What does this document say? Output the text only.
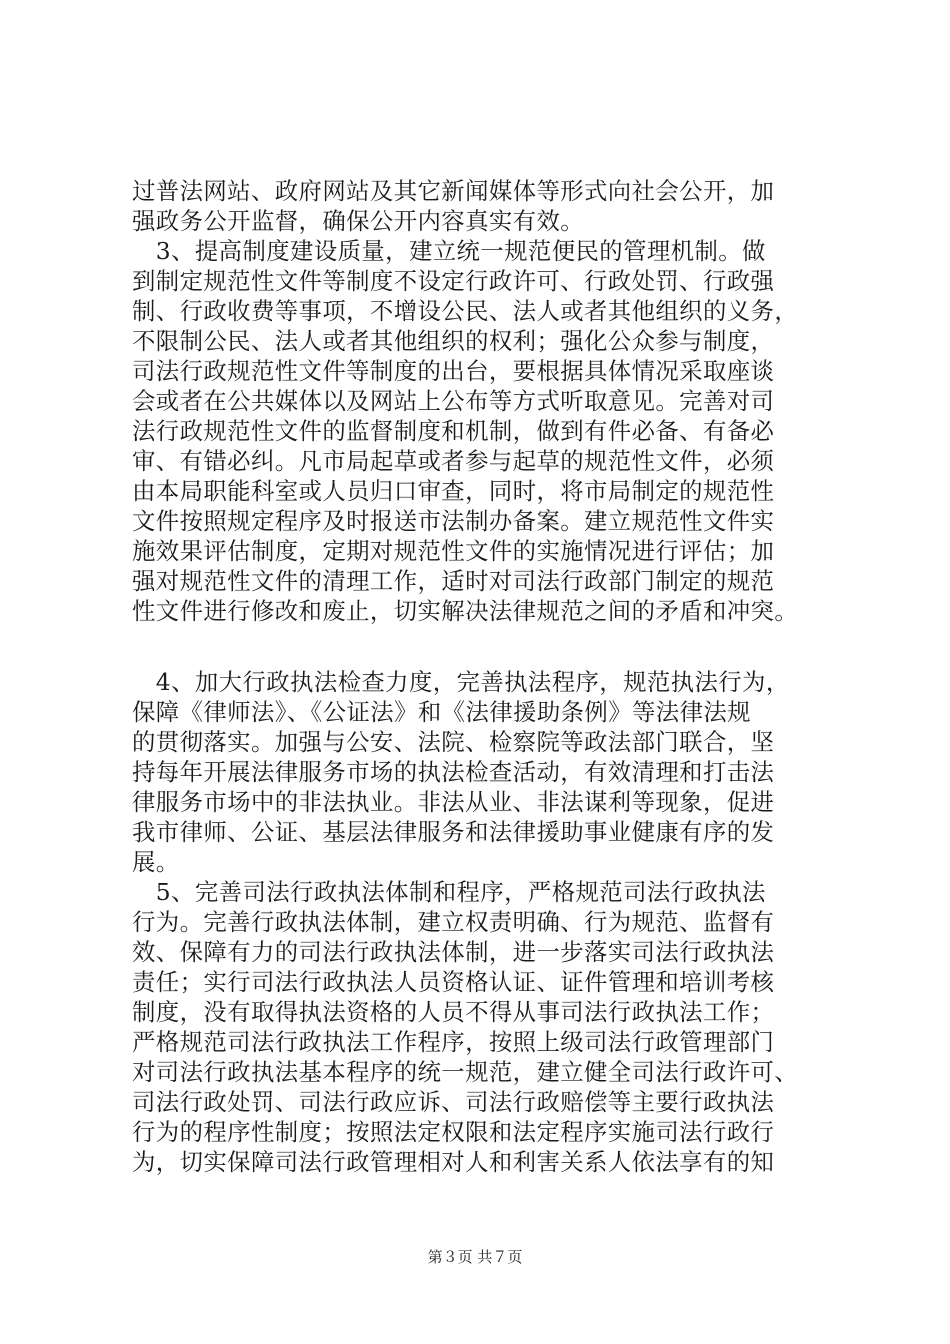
过普法网站、政府网站及其它新闻媒体等形式向社会公开，加
强政务公开监督，确保公开内容真实有效。
　3、提高制度建设质量，建立统一规范便民的管理机制。做
到制定规范性文件等制度不设定行政许可、行政处罚、行政强
制、行政收费等事项，不增设公民、法人或者其他组织的义务，
不限制公民、法人或者其他组织的权利；强化公众参与制度，
司法行政规范性文件等制度的出台，要根据具体情况采取座谈
会或者在公共媒体以及网站上公布等方式听取意见。完善对司
法行政规范性文件的监督制度和机制，做到有件必备、有备必
审、有错必纠。凡市局起草或者参与起草的规范性文件，必须
由本局职能科室或人员归口审查，同时，将市局制定的规范性
文件按照规定程序及时报送市法制办备案。建立规范性文件实
施效果评估制度，定期对规范性文件的实施情况进行评估；加
强对规范性文件的清理工作，适时对司法行政部门制定的规范
性文件进行修改和废止，切实解决法律规范之间的矛盾和冲突。
　4、加大行政执法检查力度，完善执法程序，规范执法行为，
保障《律师法》、《公证法》和《法律援助条例》等法律法规
的贯彻落实。加强与公安、法院、检察院等政法部门联合，坚
持每年开展法律服务市场的执法检查活动，有效清理和打击法
律服务市场中的非法执业。非法从业、非法谋利等现象，促进
我市律师、公证、基层法律服务和法律援助事业健康有序的发
展。
　5、完善司法行政执法体制和程序，严格规范司法行政执法
行为。完善行政执法体制，建立权责明确、行为规范、监督有
效、保障有力的司法行政执法体制，进一步落实司法行政执法
责任；实行司法行政执法人员资格认证、证件管理和培训考核
制度，没有取得执法资格的人员不得从事司法行政执法工作；
严格规范司法行政执法工作程序，按照上级司法行政管理部门
对司法行政执法基本程序的统一规范，建立健全司法行政许可、
司法行政处罚、司法行政应诉、司法行政赔偿等主要行政执法
行为的程序性制度；按照法定权限和法定程序实施司法行政行
为，切实保障司法行政管理相对人和利害关系人依法享有的知
第３页 共７页
